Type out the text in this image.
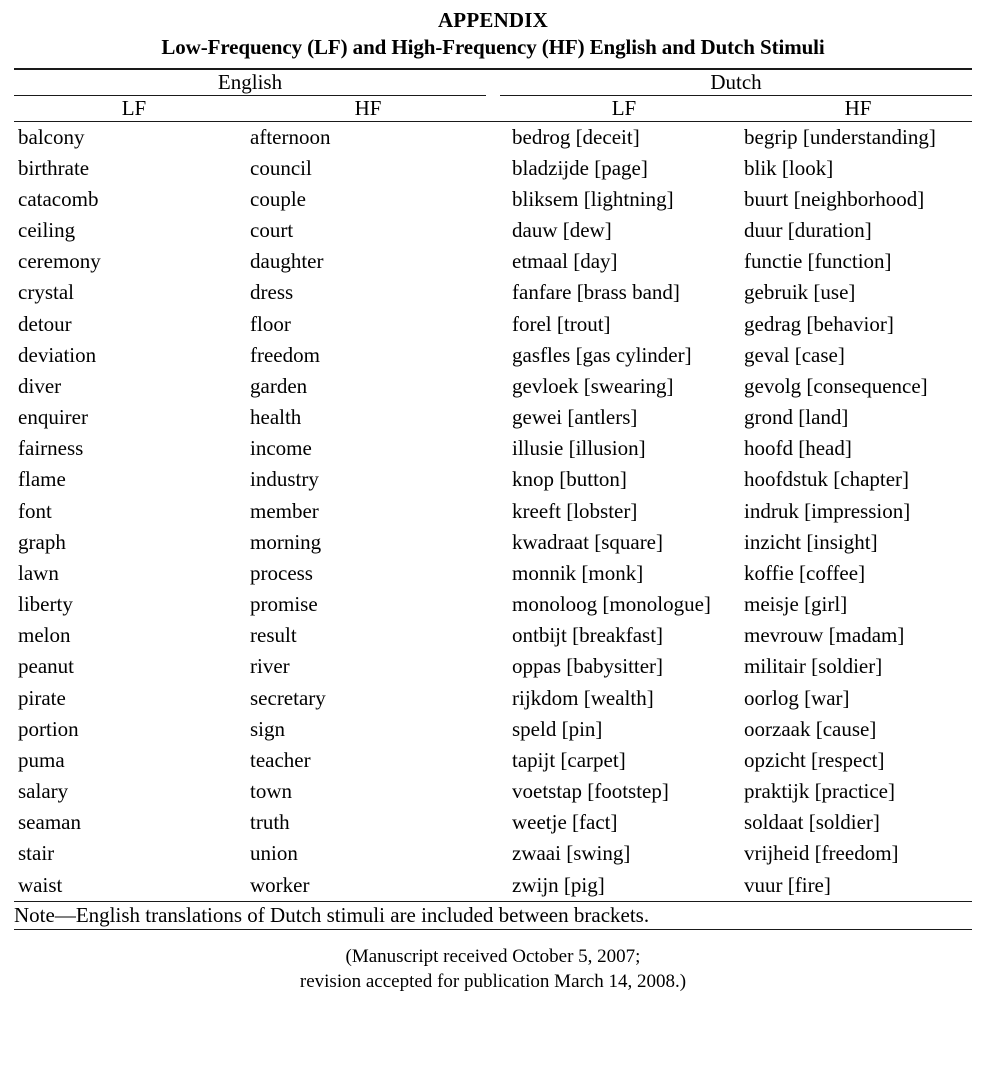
APPENDIX
Low-Frequency (LF) and High-Frequency (HF) English and Dutch Stimuli
English			Dutch	
LF	HF		LF	HF
balcony	afternoon		bedrog [deceit]	begrip [understanding]
birthrate	council		bladzijde [page]	blik [look]
catacomb	couple		bliksem [lightning]	buurt [neighborhood]
ceiling	court		dauw [dew]	duur [duration]
ceremony	daughter		etmaal [day]	functie [function]
crystal	dress		fanfare [brass band]	gebruik [use]
detour	floor		forel [trout]	gedrag [behavior]
deviation	freedom		gasfles [gas cylinder]	geval [case]
diver	garden		gevloek [swearing]	gevolg [consequence]
enquirer	health		gewei [antlers]	grond [land]
fairness	income		illusie [illusion]	hoofd [head]
flame	industry		knop [button]	hoofdstuk [chapter]
font	member		kreeft [lobster]	indruk [impression]
graph	morning		kwadraat [square]	inzicht [insight]
lawn	process		monnik [monk]	koffie [coffee]
liberty	promise		monoloog [monologue]	meisje [girl]
melon	result		ontbijt [breakfast]	mevrouw [madam]
peanut	river		oppas [babysitter]	militair [soldier]
pirate	secretary		rijkdom [wealth]	oorlog [war]
portion	sign		speld [pin]	oorzaak [cause]
puma	teacher		tapijt [carpet]	opzicht [respect]
salary	town		voetstap [footstep]	praktijk [practice]
seaman	truth		weetje [fact]	soldaat [soldier]
stair	union		zwaai [swing]	vrijheid [freedom]
waist	worker		zwijn [pig]	vuur [fire]
Note—English translations of Dutch stimuli are included between brackets.				

(Manuscript received October 5, 2007;
revision accepted for publication March 14, 2008.)
